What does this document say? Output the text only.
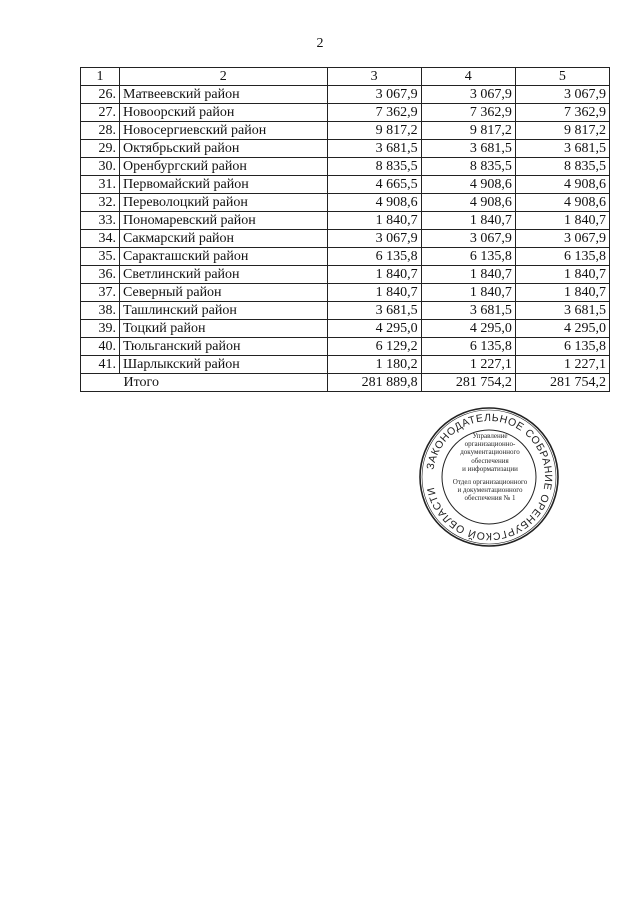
2
1	2	3	4	5
26.	Матвеевский район	3 067,9	3 067,9	3 067,9
27.	Новоорский район	7 362,9	7 362,9	7 362,9
28.	Новосергиевский район	9 817,2	9 817,2	9 817,2
29.	Октябрьский район	3 681,5	3 681,5	3 681,5
30.	Оренбургский район	8 835,5	8 835,5	8 835,5
31.	Первомайский район	4 665,5	4 908,6	4 908,6
32.	Переволоцкий район	4 908,6	4 908,6	4 908,6
33.	Пономаревский район	1 840,7	1 840,7	1 840,7
34.	Сакмарский район	3 067,9	3 067,9	3 067,9
35.	Саракташский район	6 135,8	6 135,8	6 135,8
36.	Светлинский район	1 840,7	1 840,7	1 840,7
37.	Северный район	1 840,7	1 840,7	1 840,7
38.	Ташлинский район	3 681,5	3 681,5	3 681,5
39.	Тоцкий район	4 295,0	4 295,0	4 295,0
40.	Тюльганский район	6 129,2	6 135,8	6 135,8
41.	Шарлыкский район	1 180,2	1 227,1	1 227,1
	Итого	281 889,8	281 754,2	281 754,2
ЗАКОНОДАТЕЛЬНОЕ СОБРАНИЕ ОРЕНБУРГСКОЙ ОБЛАСТИ
Управление
организационно-
документационного
обеспечения
и информатизации
Отдел организационного
и документационного
обеспечения № 1
